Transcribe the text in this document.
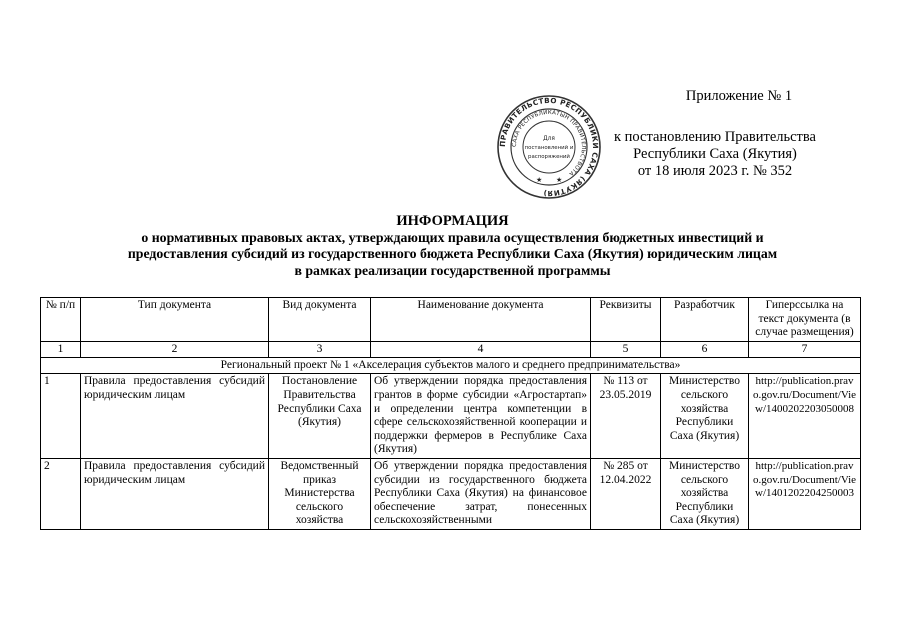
ПРАВИТЕЛЬСТВО РЕСПУБЛИКИ САХА (ЯКУТИЯ)
САХА РЕСПУБЛИКАТЫН ПРАВИТЕЛЬСТВОТА
Для
постановлений и
распоряжений
★ ★
Приложение № 1
к постановлению Правительства
Республики Саха (Якутия)
от 18 июля 2023 г. № 352
ИНФОРМАЦИЯ
о нормативных правовых актах, утверждающих правила осуществления бюджетных инвестиций и
предоставления субсидий из государственного бюджета Республики Саха (Якутия) юридическим лицам
в рамках реализации государственной программы
№ п/п	Тип документа	Вид документа	Наименование документа	Реквизиты	Разработчик	Гиперссылка на текст документа (в случае размещения)
1	2	3	4	5	6	7
Региональный проект № 1 «Акселерация субъектов малого и среднего предпринимательства»						
1	Правила предоставления субсидий юридическим лицам	Постановление Правительства Республики Саха (Якутия)	Об утверждении порядка предоставления грантов в форме субсидии «Агростартап» и определении центра компетенции в сфере сельскохозяйственной кооперации и поддержки фермеров в Республике Саха (Якутия)	№ 113 от 23.05.2019	Министерство сельского хозяйства Республики Саха (Якутия)	http://publication.pravo.gov.ru/Document/View/1400202203050008
2	Правила предоставления субсидий юридическим лицам	Ведомственный приказ Министерства сельского хозяйства	Об утверждении порядка предоставления субсидии из государственного бюджета Республики Саха (Якутия) на финансовое обеспечение затрат, понесенных сельскохозяйственными	№ 285 от 12.04.2022	Министерство сельского хозяйства Республики Саха (Якутия)	http://publication.pravo.gov.ru/Document/View/1401202204250003
